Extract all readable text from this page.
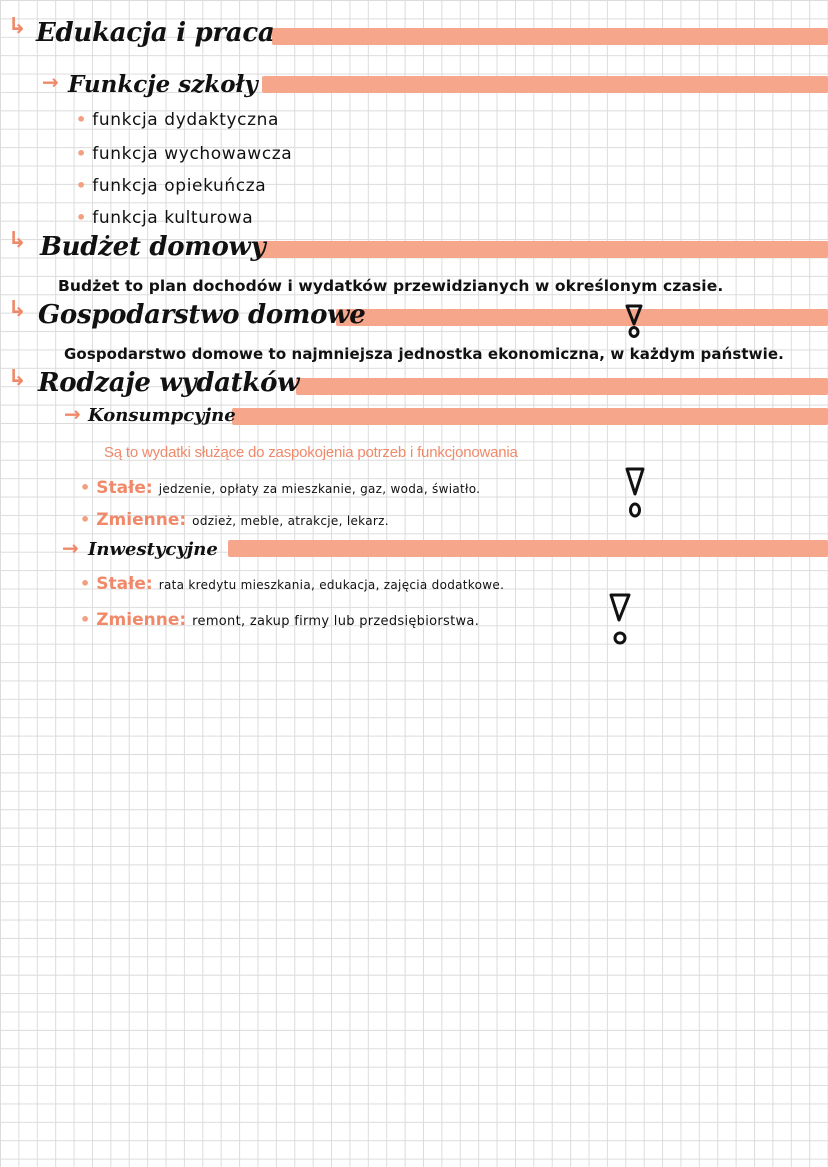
↳ Edukacja i praca
→ Funkcje szkoły
• funkcja dydaktyczna
• funkcja wychowawcza
• funkcja opiekuńcza
• funkcja kulturowa
↳ Budżet domowy
Budżet to plan dochodów i wydatków przewidzianych w określonym czasie.
↳ Gospodarstwo domowe
Gospodarstwo domowe to najmniejsza jednostka ekonomiczna, w każdym państwie.
↳ Rodzaje wydatków
→ Konsumpcyjne
Są to wydatki służące do zaspokojenia potrzeb i funkcjonowania
• Stałe: jedzenie, opłaty za mieszkanie, gaz, woda, światło.
• Zmienne: odzież, meble, atrakcje, lekarz.
→ Inwestycyjne
• Stałe: rata kredytu mieszkania, edukacja, zajęcia dodatkowe.
• Zmienne: remont, zakup firmy lub przedsiębiorstwa.
